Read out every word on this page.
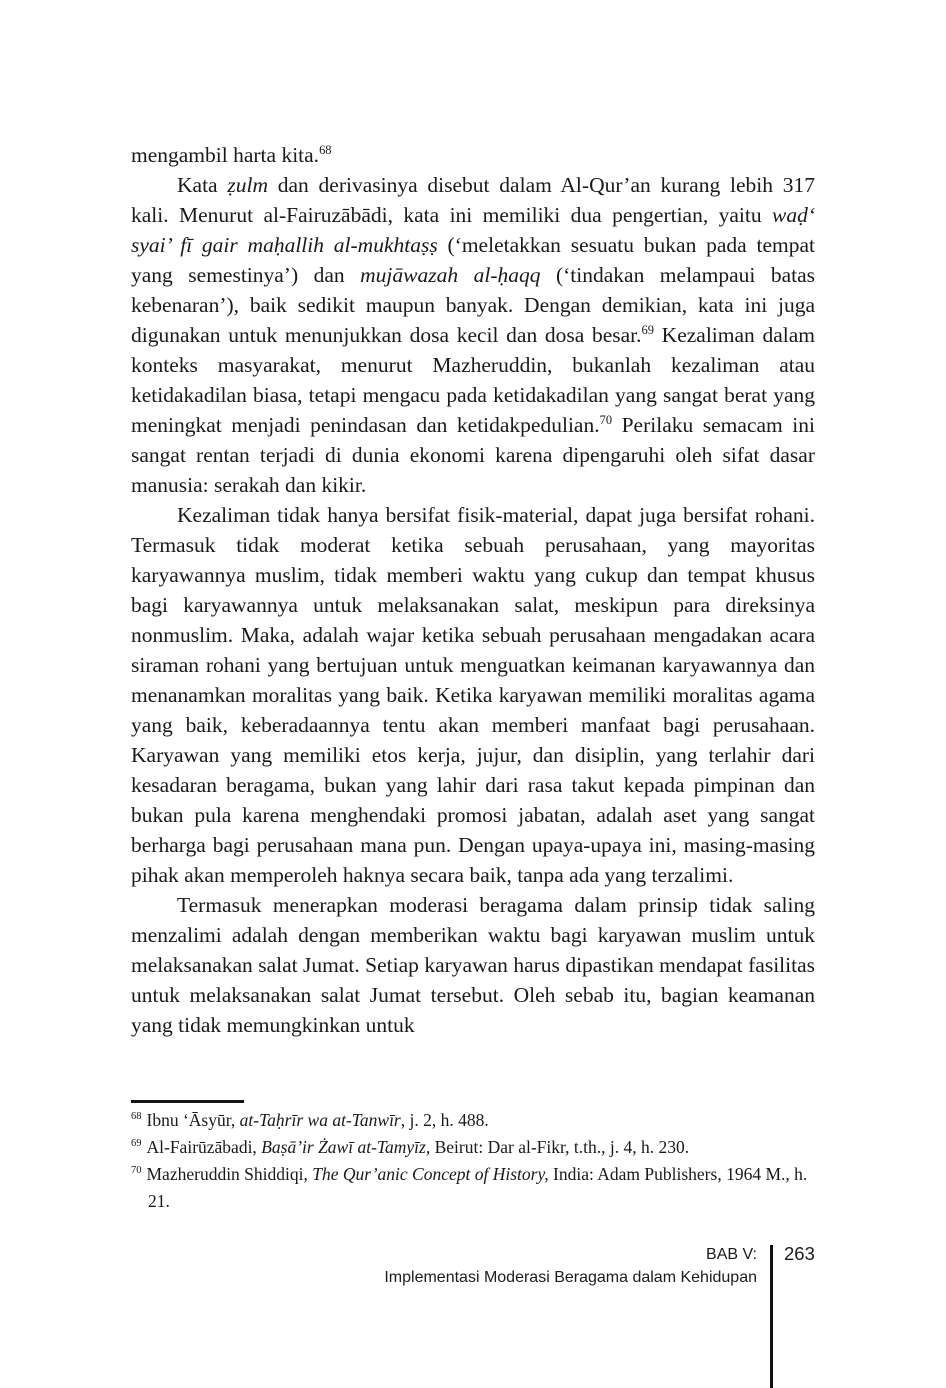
mengambil harta kita.$^{68}$

Kata ẓulm dan derivasinya disebut dalam Al-Qur’an kurang lebih 317 kali. Menurut al-Fairuzābādi, kata ini memiliki dua pengertian, yaitu waḍ‘ syai’ fī gair maḥallih al-mukhtaṣṣ (‘meletakkan sesuatu bukan pada tempat yang semestinya’) dan mujāwazah al-ḥaqq (‘tindakan melampaui batas kebenaran’), baik sedikit maupun banyak. Dengan demikian, kata ini juga digunakan untuk menunjukkan dosa kecil dan dosa besar.$^{69}$ Kezaliman dalam konteks masyarakat, menurut Mazheruddin, bukanlah kezaliman atau ketidakadilan biasa, tetapi mengacu pada ketidakadilan yang sangat berat yang meningkat menjadi penindasan dan ketidakpedulian.$^{70}$ Perilaku semacam ini sangat rentan terjadi di dunia ekonomi karena dipengaruhi oleh sifat dasar manusia: serakah dan kikir.

Kezaliman tidak hanya bersifat fisik-material, dapat juga bersifat rohani. Termasuk tidak moderat ketika sebuah perusahaan, yang mayoritas karyawannya muslim, tidak memberi waktu yang cukup dan tempat khusus bagi karyawannya untuk melaksanakan salat, meskipun para direksinya nonmuslim. Maka, adalah wajar ketika sebuah perusahaan mengadakan acara siraman rohani yang bertujuan untuk menguatkan keimanan karyawannya dan menanamkan moralitas yang baik. Ketika karyawan memiliki moralitas agama yang baik, keberadaannya tentu akan memberi manfaat bagi perusahaan. Karyawan yang memiliki etos kerja, jujur, dan disiplin, yang terlahir dari kesadaran beragama, bukan yang lahir dari rasa takut kepada pimpinan dan bukan pula karena menghendaki promosi jabatan, adalah aset yang sangat berharga bagi perusahaan mana pun. Dengan upaya-upaya ini, masing-masing pihak akan memperoleh haknya secara baik, tanpa ada yang terzalimi.

Termasuk menerapkan moderasi beragama dalam prinsip tidak saling menzalimi adalah dengan memberikan waktu bagi karyawan muslim untuk melaksanakan salat Jumat. Setiap karyawan harus dipastikan mendapat fasilitas untuk melaksanakan salat Jumat tersebut. Oleh sebab itu, bagian keamanan yang tidak memungkinkan untuk

$^{68}$ Ibnu ‘Āsyūr, at-Taḥrīr wa at-Tanwīr, j. 2, h. 488.

$^{69}$ Al-Fairūzābadi, Baṣā’ir Żawī at-Tamyīz, Beirut: Dar al-Fikr, t.th., j. 4, h. 230.

$^{70}$ Mazheruddin Shiddiqi, The Qur’anic Concept of History, India: Adam Publishers, 1964 M., h. 21.

BAB V:
Implementasi Moderasi Beragama dalam Kehidupan
263
